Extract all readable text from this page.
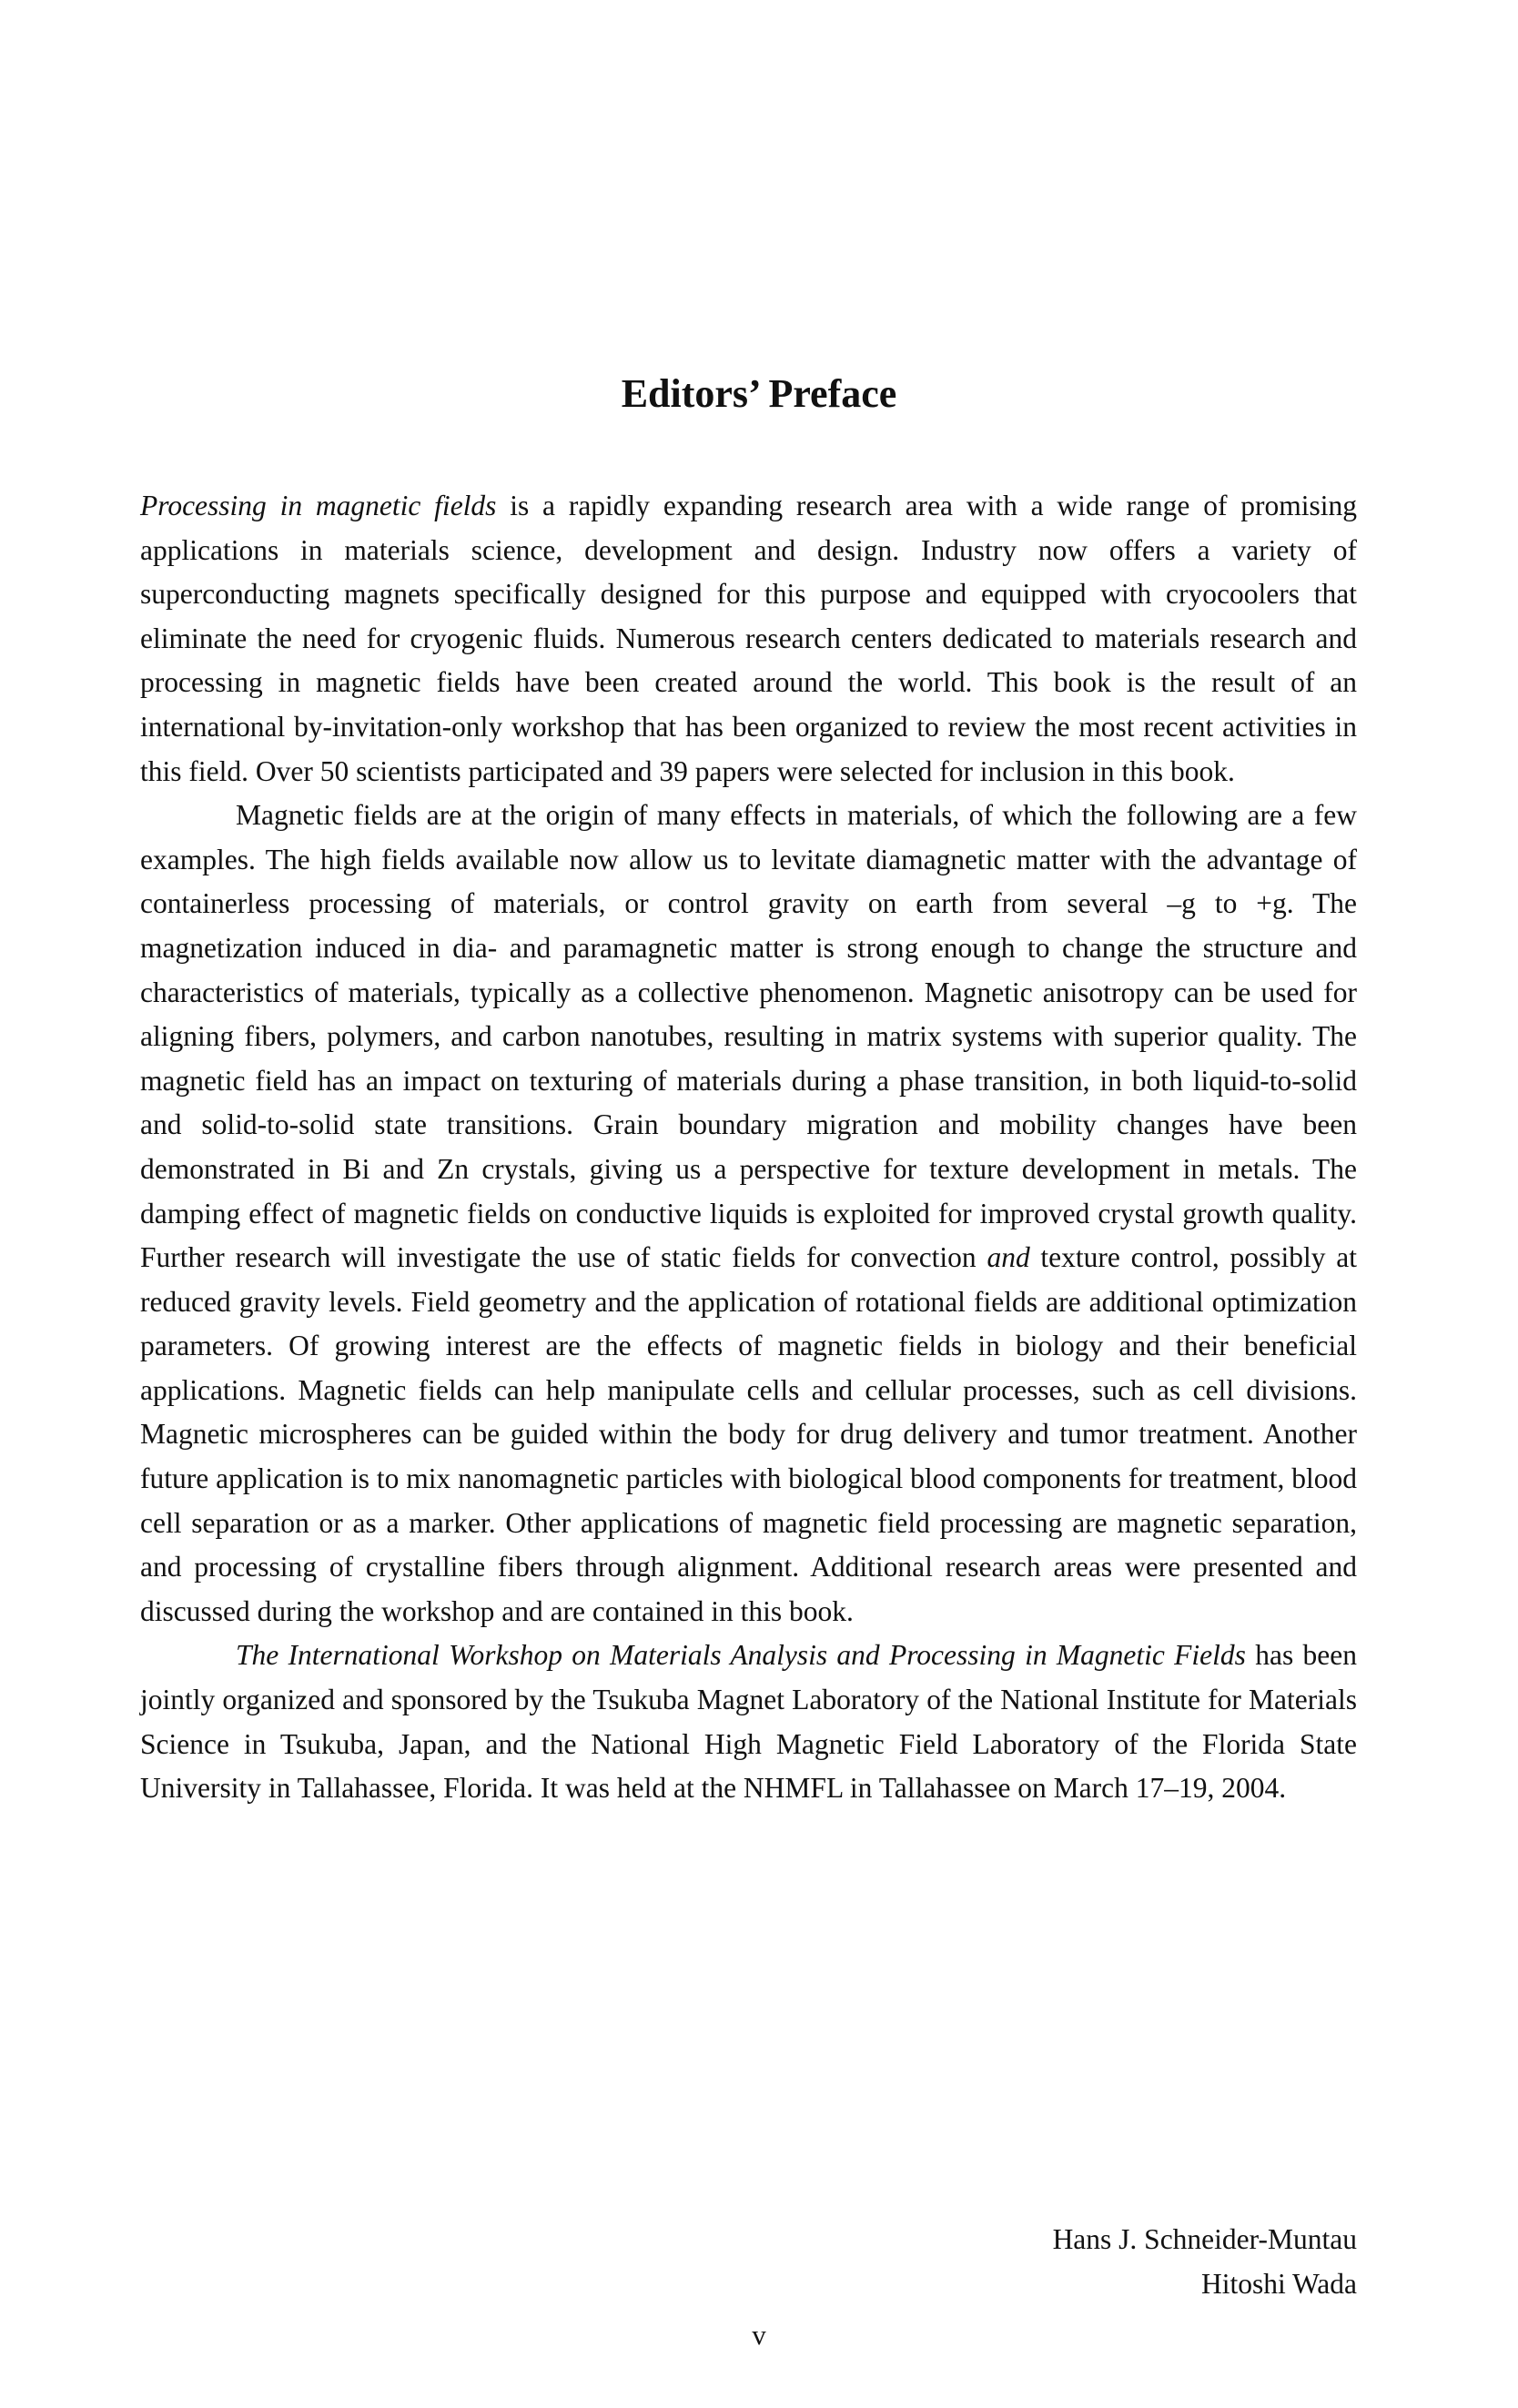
Editors’ Preface

Processing in magnetic fields is a rapidly expanding research area with a wide range of promising applications in materials science, development and design. Industry now offers a variety of superconducting magnets specifically designed for this purpose and equipped with cryocoolers that eliminate the need for cryogenic fluids. Numerous research centers dedicated to materials research and processing in magnetic fields have been created around the world. This book is the result of an international by-invitation-only workshop that has been organized to review the most recent activities in this field. Over 50 scientists participated and 39 papers were selected for inclusion in this book.

Magnetic fields are at the origin of many effects in materials, of which the following are a few examples. The high fields available now allow us to levitate diamagnetic matter with the advantage of containerless processing of materials, or control gravity on earth from several –g to +g. The magnetization induced in dia- and paramagnetic matter is strong enough to change the structure and characteristics of materials, typically as a collective phenomenon. Magnetic anisotropy can be used for aligning fibers, polymers, and carbon nanotubes, resulting in matrix systems with superior quality. The magnetic field has an impact on texturing of materials during a phase transition, in both liquid-to-solid and solid-to-solid state transitions. Grain boundary migration and mobility changes have been demonstrated in Bi and Zn crystals, giving us a perspective for texture development in metals. The damping effect of magnetic fields on conductive liquids is exploited for improved crystal growth quality. Further research will investigate the use of static fields for convection and texture control, possibly at reduced gravity levels. Field geometry and the application of rotational fields are additional optimization parameters. Of growing interest are the effects of magnetic fields in biology and their beneficial applications. Magnetic fields can help manipulate cells and cellular processes, such as cell divisions. Magnetic microspheres can be guided within the body for drug delivery and tumor treatment. Another future application is to mix nanomagnetic particles with biological blood components for treatment, blood cell separation or as a marker. Other applications of magnetic field processing are magnetic separation, and processing of crystalline fibers through alignment. Additional research areas were presented and discussed during the workshop and are contained in this book.

The International Workshop on Materials Analysis and Processing in Magnetic Fields has been jointly organized and sponsored by the Tsukuba Magnet Laboratory of the National Institute for Materials Science in Tsukuba, Japan, and the National High Magnetic Field Laboratory of the Florida State University in Tallahassee, Florida. It was held at the NHMFL in Tallahassee on March 17–19, 2004.

Hans J. Schneider-Muntau
Hitoshi Wada
v
